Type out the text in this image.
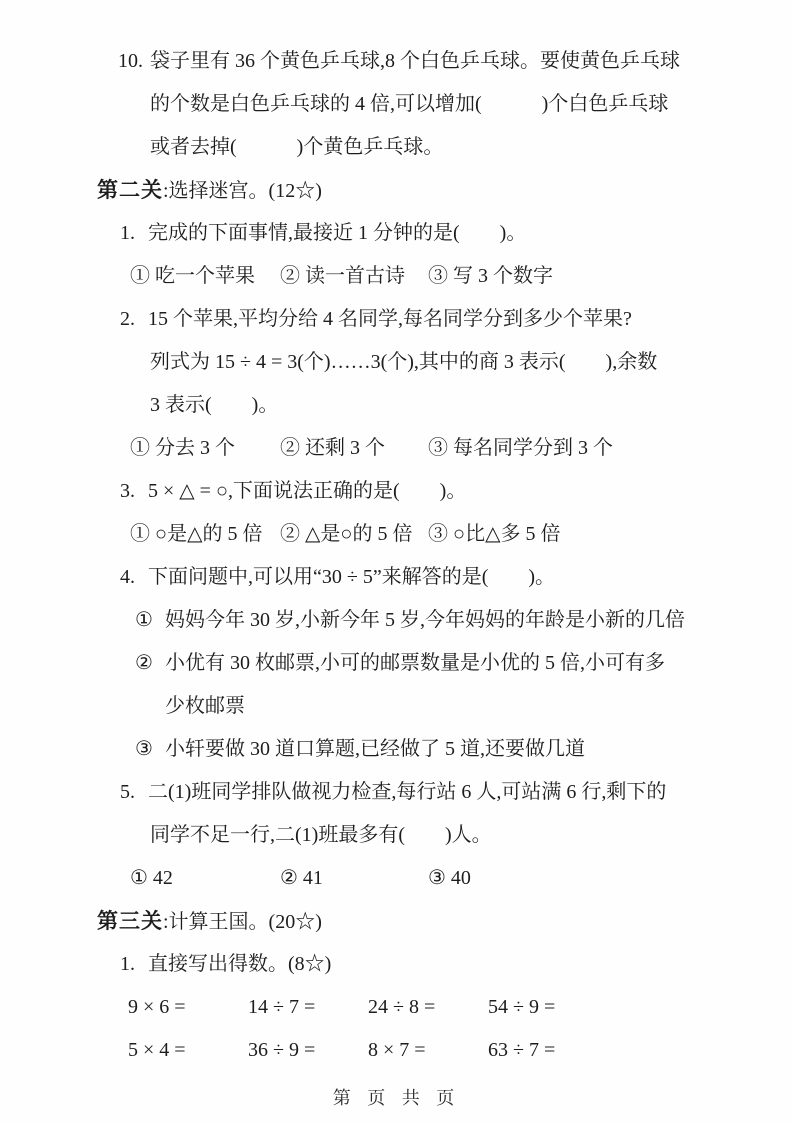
10. 袋子里有 36 个黄色乒乓球,8 个白色乒乓球。要使黄色乒乓球
的个数是白色乒乓球的 4 倍,可以增加(　　　)个白色乒乓球
或者去掉(　　　)个黄色乒乓球。
第二关:选择迷宫。(12☆)
1. 完成的下面事情,最接近 1 分钟的是(　　)。
① 吃一个苹果	② 读一首古诗	③ 写 3 个数字
2. 15 个苹果,平均分给 4 名同学,每名同学分到多少个苹果?
列式为 15 ÷ 4 = 3(个)……3(个),其中的商 3 表示(　　),余数
3 表示(　　)。
① 分去 3 个	② 还剩 3 个	③ 每名同学分到 3 个
3. 5 × △ = ○,下面说法正确的是(　　)。
① ○是△的 5 倍 ② △是○的 5 倍 ③ ○比△多 5 倍
4. 下面问题中,可以用“30 ÷ 5”来解答的是(　　)。
① 妈妈今年 30 岁,小新今年 5 岁,今年妈妈的年龄是小新的几倍
② 小优有 30 枚邮票,小可的邮票数量是小优的 5 倍,小可有多
少枚邮票
③ 小轩要做 30 道口算题,已经做了 5 道,还要做几道
5. 二(1)班同学排队做视力检查,每行站 6 人,可站满 6 行,剩下的
同学不足一行,二(1)班最多有(　　)人。
① 42	② 41	③ 40
第三关:计算王国。(20☆)
1. 直接写出得数。(8☆)
9 × 6 =	14 ÷ 7 =	24 ÷ 8 =	54 ÷ 9 =
5 × 4 =	36 ÷ 9 =	8 × 7 =	63 ÷ 7 =
第 页 共 页
